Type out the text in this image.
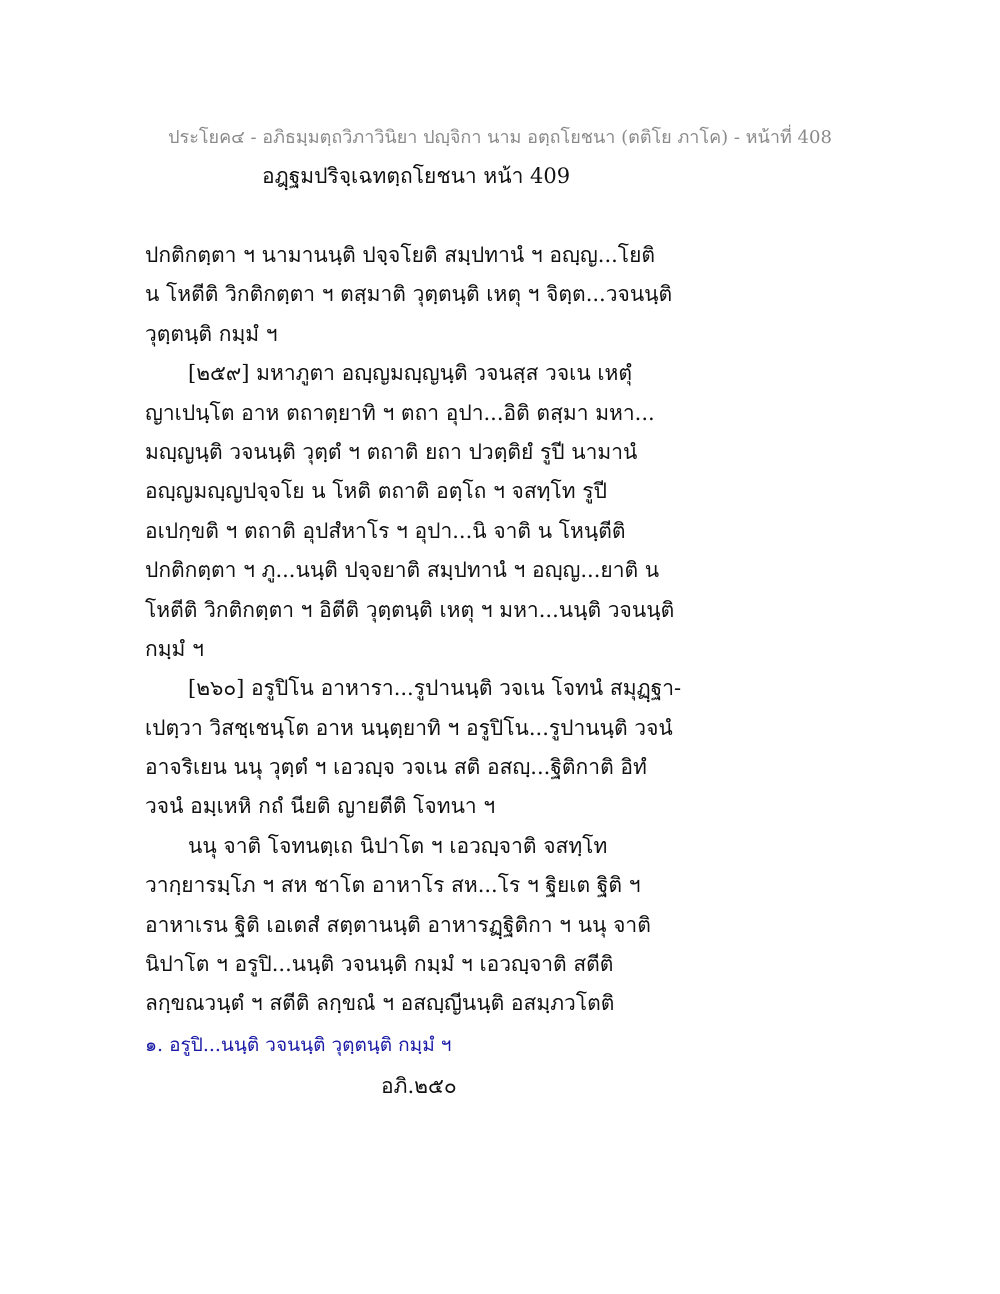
ประโยค๔ - อภิธมฺมตฺถวิภาวินิยา ปญฺจิกา นาม อตฺถโยชนา (ตติโย ภาโค) - หน้าที่ 408
อฎฺฐมปริจฺเฉทตฺถโยชนา หน้า 409
ปกติกตฺตา ฯ นามานนฺติ ปจฺจโยติ สมฺปทานํ ฯ อญฺญ...โยติ
น โหตีติ วิกติกตฺตา ฯ ตสฺมาติ วุตฺตนฺติ เหตุ ฯ จิตฺต...วจนนฺติ
วุตฺตนฺติ กมฺมํ ฯ
[๒๕๙] มหาภูตา อญฺญมญฺญนฺติ วจนสฺส วจเน เหตุํ
ญาเปนฺโต อาห ตถาตฺยาทิ ฯ ตถา อุปา...อิติ ตสฺมา มหา...
มญฺญนฺติ วจนนฺติ วุตฺตํ ฯ ตถาติ ยถา ปวตฺติยํ รูปี นามานํ
อญฺญมญฺญปจฺจโย น โหติ ตถาติ อตฺโถ ฯ จสทฺโท รูปี
อเปกฺขติ ฯ ตถาติ อุปสํหาโร ฯ อุปา...นิ จาติ น โหนฺตีติ
ปกติกตฺตา ฯ ภู...นนฺติ ปจฺจยาติ สมฺปทานํ ฯ อญฺญ...ยาติ น
โหตีติ วิกติกตฺตา ฯ อิตีติ วุตฺตนฺติ เหตุ ฯ มหา...นนฺติ วจนนฺติ
กมฺมํ ฯ
[๒๖๐] อรูปิโน อาหารา...รูปานนฺติ วจเน โจทนํ สมุฏฺฐา-
เปตฺวา วิสชฺเชนฺโต อาห นนฺตฺยาทิ ฯ อรูปิโน...รูปานนฺติ วจนํ
อาจริเยน นนุ วุตฺตํ ฯ เอวญฺจ วจเน สติ อสญฺ...ฐิติกาติ อิทํ
วจนํ อมฺเหหิ กถํ นียติ ญายตีติ โจทนา ฯ
นนุ จาติ โจทนตฺเถ นิปาโต ฯ เอวญฺจาติ จสทฺโท
วากฺยารมฺโภ ฯ สห ชาโต อาหาโร สห...โร ฯ ฐิยเต ฐิติ ฯ
อาหาเรน ฐิติ เอเตสํ สตฺตานนฺติ อาหารฏฺฐิติกา ฯ นนุ จาติ
นิปาโต ฯ อรูปิ...นนฺติ วจนนฺติ กมฺมํ ฯ เอวญฺจาติ สตีติ
ลกฺขณวนฺตํ ฯ สตีติ ลกฺขณํ ฯ อสญฺญีนนฺติ อสมฺภวโตติ
๑. อรูปิ...นนฺติ วจนนฺติ วุตฺตนฺติ กมฺมํ ฯ
อภิ.๒๕๐
